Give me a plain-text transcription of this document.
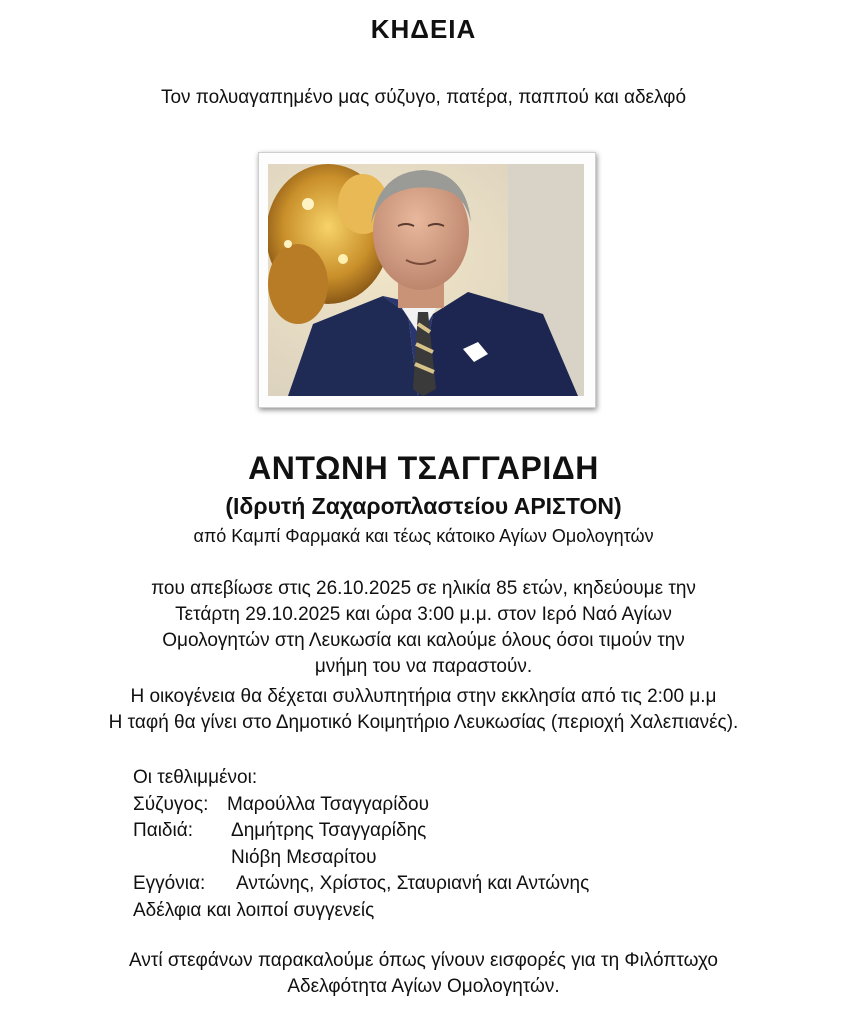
ΚΗΔΕΙΑ
Τον πολυαγαπημένο μας σύζυγο, πατέρα, παππού και αδελφό
ΑΝΤΩΝΗ ΤΣΑΓΓΑΡΙΔΗ
(Ιδρυτή Ζαχαροπλαστείου ΑΡΙΣΤΟΝ)
από Καμπί Φαρμακά και τέως κάτοικο Αγίων Ομολογητών
που απεβίωσε στις 26.10.2025 σε ηλικία 85 ετών, κηδεύουμε την
Τετάρτη 29.10.2025 και ώρα 3:00 μ.μ. στον Ιερό Ναό Αγίων
Ομολογητών στη Λευκωσία και καλούμε όλους όσοι τιμούν την
μνήμη του να παραστούν.
Η οικογένεια θα δέχεται συλλυπητήρια στην εκκλησία από τις 2:00 μ.μ
Η ταφή θα γίνει στο Δημοτικό Κοιμητήριο Λευκωσίας (περιοχή Χαλεπιανές).
Οι τεθλιμμένοι:
Σύζυγος: Μαρούλλα Τσαγγαρίδου
Παιδιά: Δημήτρης Τσαγγαρίδης
Νιόβη Μεσαρίτου
Εγγόνια: Αντώνης, Χρίστος, Σταυριανή και Αντώνης
Αδέλφια και λοιποί συγγενείς
Αντί στεφάνων παρακαλούμε όπως γίνουν εισφορές για τη Φιλόπτωχο
Αδελφότητα Αγίων Ομολογητών.
